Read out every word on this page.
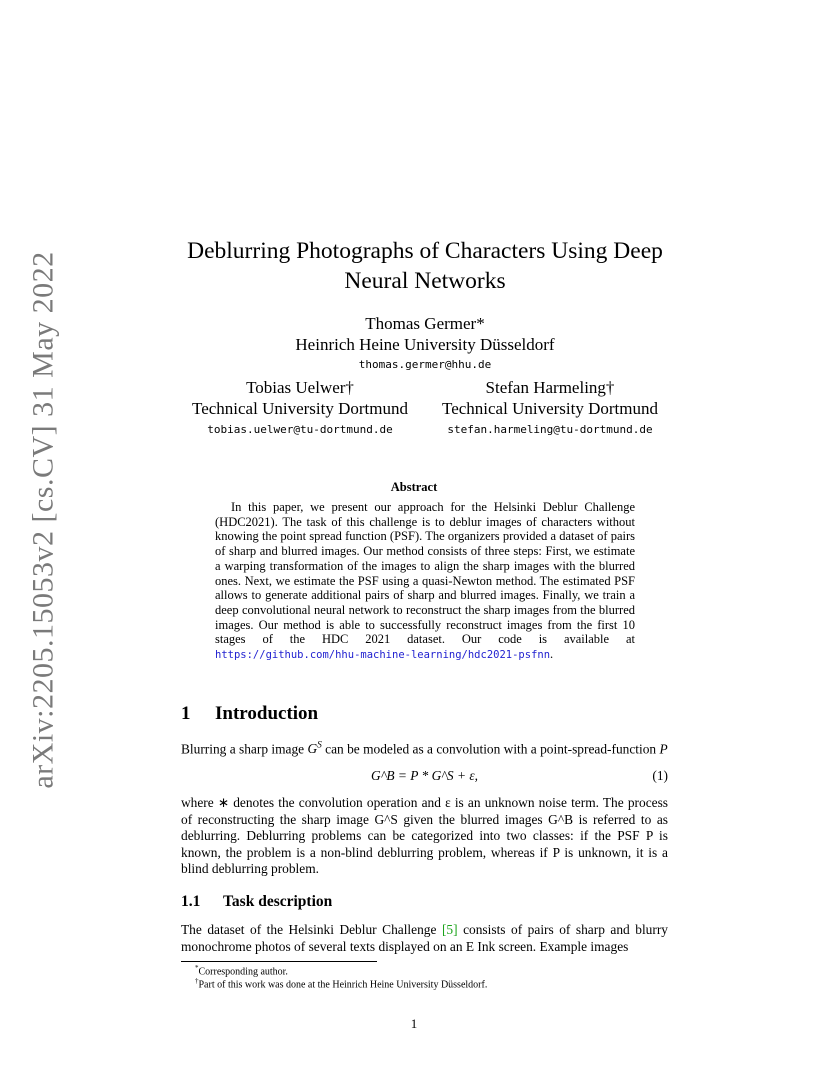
arXiv:2205.15053v2 [cs.CV] 31 May 2022
Deblurring Photographs of Characters Using Deep
Neural Networks
Thomas Germer*
Heinrich Heine University Düsseldorf
thomas.germer@hhu.de
Tobias Uelwer†
Technical University Dortmund
tobias.uelwer@tu-dortmund.de
Stefan Harmeling†
Technical University Dortmund
stefan.harmeling@tu-dortmund.de
Abstract
In this paper, we present our approach for the Helsinki Deblur Challenge (HDC2021). The task of this challenge is to deblur images of characters without knowing the point spread function (PSF). The organizers provided a dataset of pairs of sharp and blurred images. Our method consists of three steps: First, we estimate a warping transformation of the images to align the sharp images with the blurred ones. Next, we estimate the PSF using a quasi-Newton method. The estimated PSF allows to generate additional pairs of sharp and blurred images. Finally, we train a deep convolutional neural network to reconstruct the sharp images from the blurred images. Our method is able to successfully reconstruct images from the first 10 stages of the HDC 2021 dataset. Our code is available at https://github.com/hhu-machine-learning/hdc2021-psfnn.
1 Introduction
Blurring a sharp image $G^S$ can be modeled as a convolution with a point-spread-function P
G^B = P * G^S + ε,	(1)
where ∗ denotes the convolution operation and ε is an unknown noise term. The process of reconstructing the sharp image G^S given the blurred images G^B is referred to as deblurring. Deblurring problems can be categorized into two classes: if the PSF P is known, the problem is a non-blind deblurring problem, whereas if P is unknown, it is a blind deblurring problem.
1.1 Task description
The dataset of the Helsinki Deblur Challenge [5] consists of pairs of sharp and blurry monochrome photos of several texts displayed on an E Ink screen. Example images
*Corresponding author.
†Part of this work was done at the Heinrich Heine University Düsseldorf.
1
